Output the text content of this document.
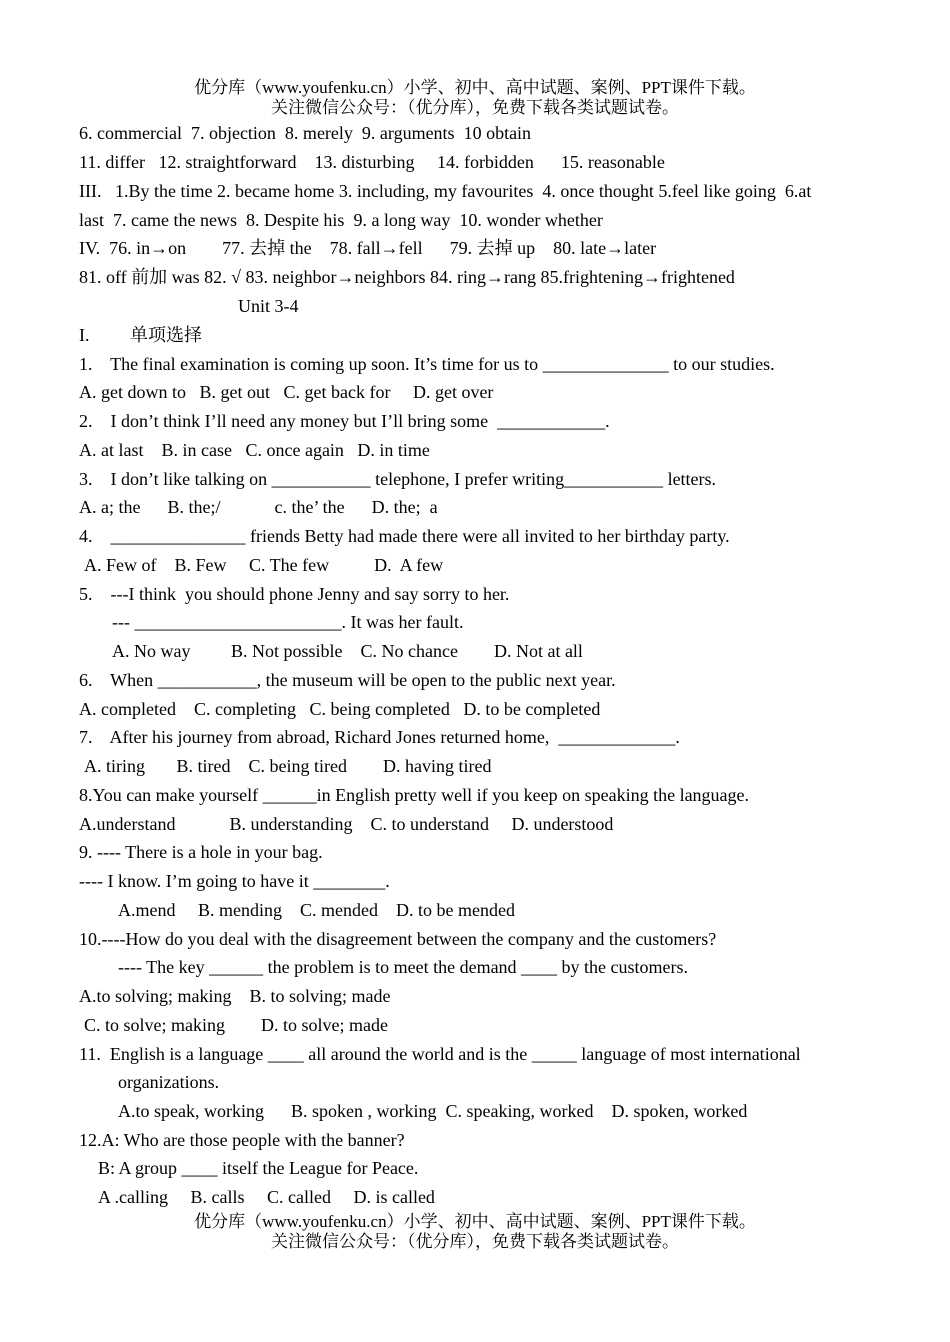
优分库（www.youfenku.cn）小学、初中、高中试题、案例、PPT课件下载。
关注微信公众号：（优分库），免费下载各类试题试卷。
6. commercial  7. objection  8. merely  9. arguments  10 obtain
11. differ   12. straightforward    13. disturbing     14. forbidden      15. reasonable
III.   1.By the time 2. became home 3. including, my favourites  4. once thought 5.feel like going  6.at
last  7. came the news  8. Despite his  9. a long way  10. wonder whether
IV.  76. in→on        77. 去掉 the    78. fall→fell      79. 去掉 up    80. late→later
81. off 前加 was 82. √ 83. neighbor→neighbors 84. ring→rang 85.frightening→frightened
Unit 3-4
I.         单项选择
1.    The final examination is coming up soon. It’s time for us to ______________ to our studies.
A. get down to   B. get out   C. get back for     D. get over
2.    I don’t think I’ll need any money but I’ll bring some  ____________.
A. at last    B. in case   C. once again   D. in time
3.    I don’t like talking on ___________ telephone, I prefer writing___________ letters.
A. a; the      B. the;/            c. the’ the      D. the;  a
4.    _______________ friends Betty had made there were all invited to her birthday party.
A. Few of    B. Few     C. The few          D.  A few
5.    ---I think  you should phone Jenny and say sorry to her.
--- _______________________. It was her fault.
A. No way         B. Not possible    C. No chance        D. Not at all
6.    When ___________, the museum will be open to the public next year.
A. completed    C. completing   C. being completed   D. to be completed
7.    After his journey from abroad, Richard Jones returned home,  _____________.
A. tiring       B. tired    C. being tired        D. having tired
8.You can make yourself ______in English pretty well if you keep on speaking the language.
A.understand            B. understanding    C. to understand     D. understood
9. ---- There is a hole in your bag.
---- I know. I’m going to have it ________.
A.mend     B. mending    C. mended    D. to be mended
10.----How do you deal with the disagreement between the company and the customers?
---- The key ______ the problem is to meet the demand ____ by the customers.
A.to solving; making    B. to solving; made
C. to solve; making        D. to solve; made
11.  English is a language ____ all around the world and is the _____ language of most international
organizations.
A.to speak, working      B. spoken , working  C. speaking, worked    D. spoken, worked
12.A: Who are those people with the banner?
B: A group ____ itself the League for Peace.
A .calling     B. calls     C. called     D. is called
优分库（www.youfenku.cn）小学、初中、高中试题、案例、PPT课件下载。
关注微信公众号：（优分库），免费下载各类试题试卷。
